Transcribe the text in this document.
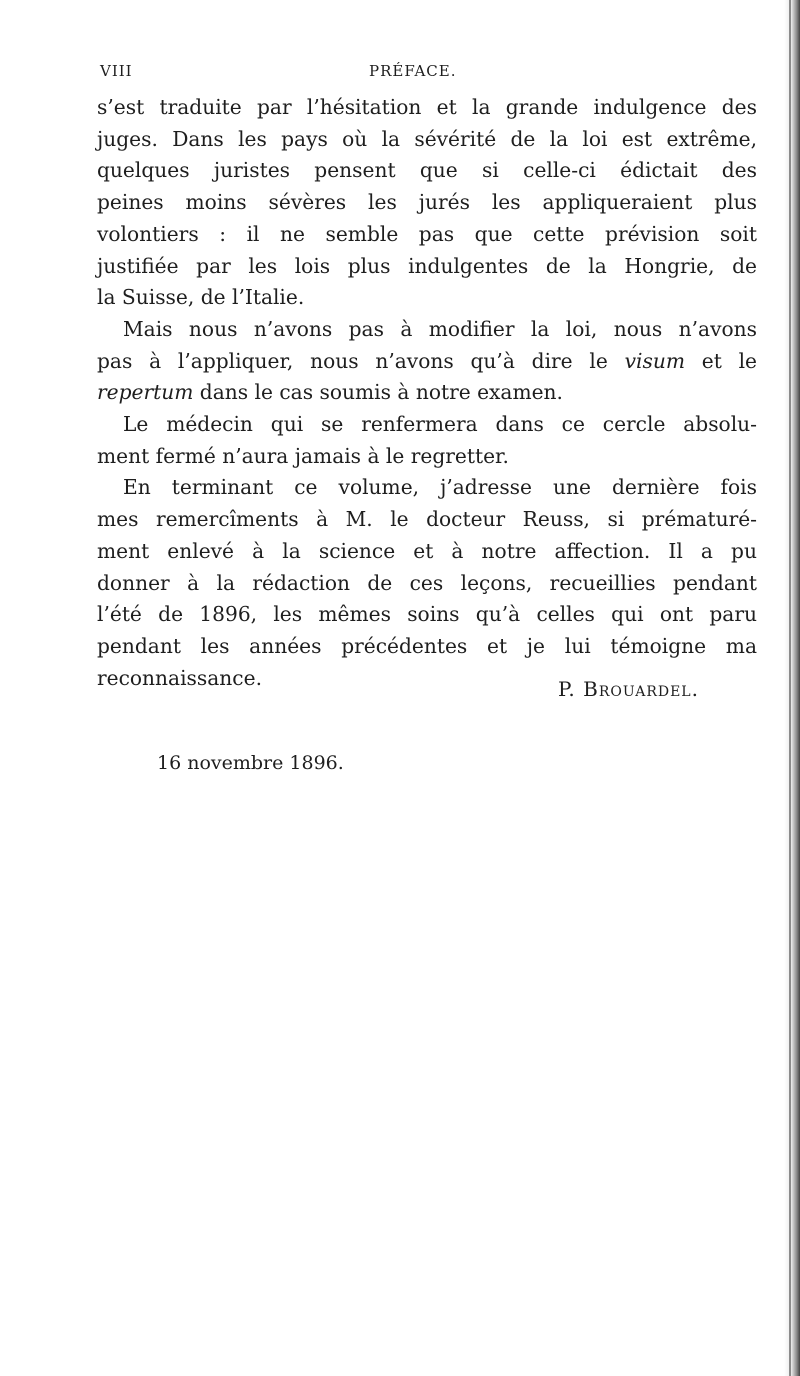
VIII	PRÉFACE.
s’est traduite par l’hésitation et la grande indulgence des
juges. Dans les pays où la sévérité de la loi est extrême,
quelques juristes pensent que si celle-ci édictait des
peines moins sévères les jurés les appliqueraient plus
volontiers : il ne semble pas que cette prévision soit
justifiée par les lois plus indulgentes de la Hongrie, de
la Suisse, de l’Italie.
Mais nous n’avons pas à modifier la loi, nous n’avons
pas à l’appliquer, nous n’avons qu’à dire le visum et le
repertum dans le cas soumis à notre examen.
Le médecin qui se renfermera dans ce cercle absolu-
ment fermé n’aura jamais à le regretter.
En terminant ce volume, j’adresse une dernière fois
mes remercîments à M. le docteur Reuss, si prématuré-
ment enlevé à la science et à notre affection. Il a pu
donner à la rédaction de ces leçons, recueillies pendant
l’été de 1896, les mêmes soins qu’à celles qui ont paru
pendant les années précédentes et je lui témoigne ma
reconnaissance.	P. Brouardel.
16 novembre 1896.
